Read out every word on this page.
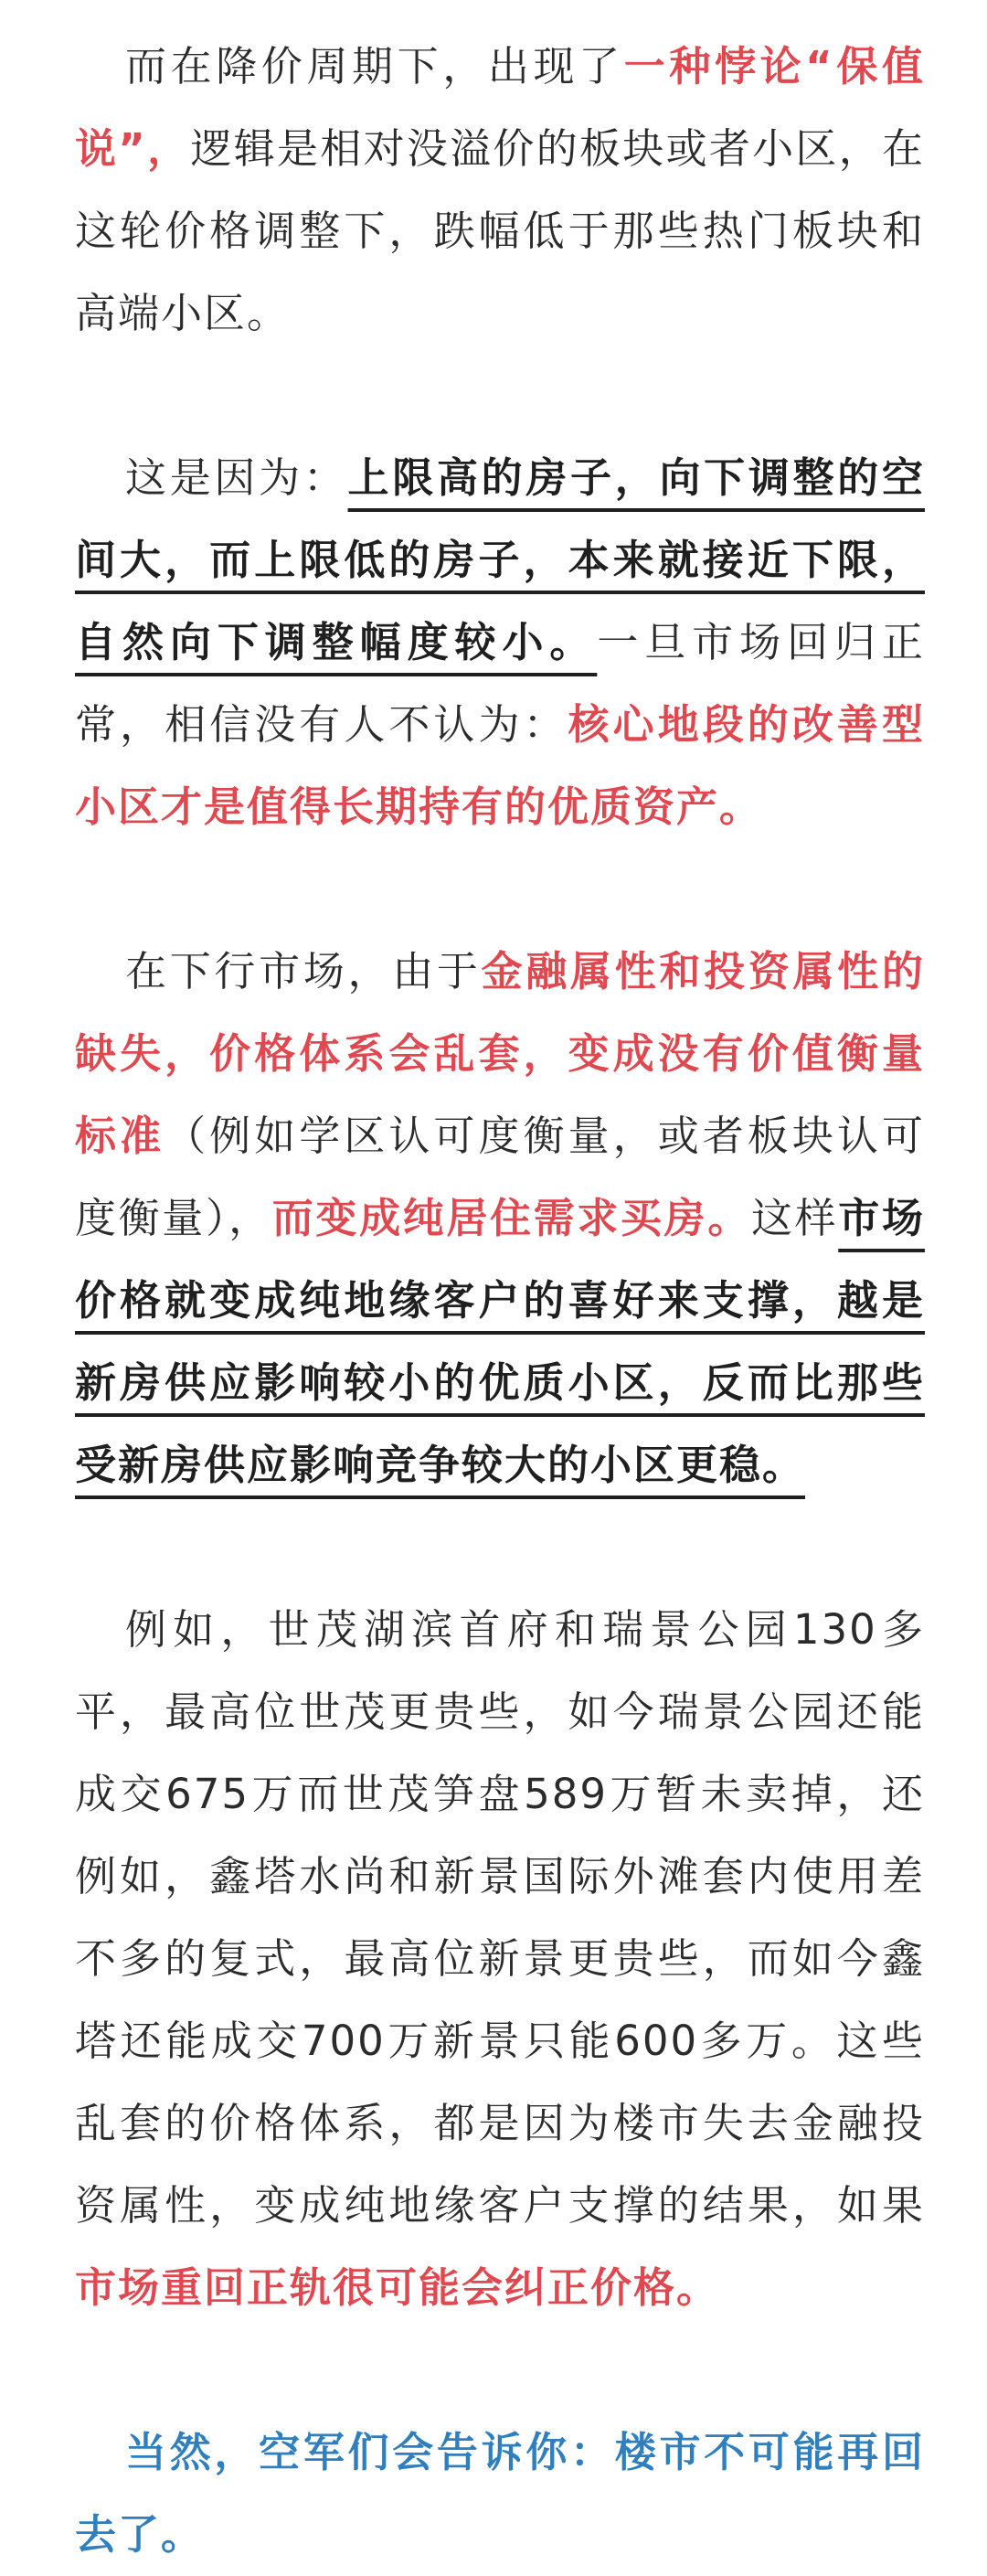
而在降价周期下，出现了一种悖论“保值说”，逻辑是相对没溢价的板块或者小区，在这轮价格调整下，跌幅低于那些热门板块和高端小区。

这是因为：上限高的房子，向下调整的空间大，而上限低的房子，本来就接近下限，自然向下调整幅度较小。一旦市场回归正常，相信没有人不认为：核心地段的改善型小区才是值得长期持有的优质资产。

在下行市场，由于金融属性和投资属性的缺失，价格体系会乱套，变成没有价值衡量标准（例如学区认可度衡量，或者板块认可度衡量），而变成纯居住需求买房。这样市场价格就变成纯地缘客户的喜好来支撑，越是新房供应影响较小的优质小区，反而比那些受新房供应影响竞争较大的小区更稳。

例如，世茂湖滨首府和瑞景公园130多平，最高位世茂更贵些，如今瑞景公园还能成交675万而世茂笋盘589万暂未卖掉，还例如，鑫塔水尚和新景国际外滩套内使用差不多的复式，最高位新景更贵些，而如今鑫塔还能成交700万新景只能600多万。这些乱套的价格体系，都是因为楼市失去金融投资属性，变成纯地缘客户支撑的结果，如果市场重回正轨很可能会纠正价格。

当然，空军们会告诉你：楼市不可能再回去了。
